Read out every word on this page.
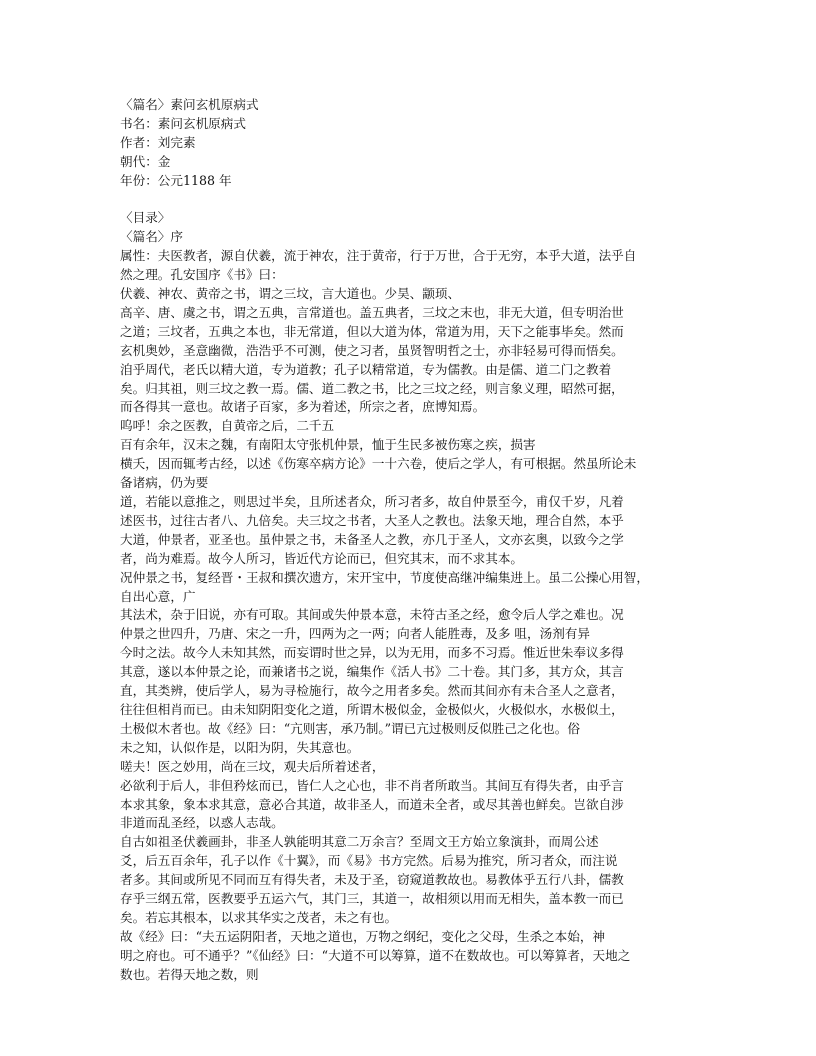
〈篇名〉素问玄机原病式
书名：素问玄机原病式
作者：刘完素
朝代：金
年份：公元1188 年
〈目录〉
〈篇名〉序
属性：夫医教者，源自伏羲，流于神农，注于黄帝，行于万世，合于无穷，本乎大道，法乎自
然之理。孔安国序《书》曰：
伏羲、神农、黄帝之书，谓之三坟，言大道也。少昊、颛顼、
高辛、唐、虞之书，谓之五典，言常道也。盖五典者，三坟之末也，非无大道，但专明治世
之道；三坟者，五典之本也，非无常道，但以大道为体，常道为用，天下之能事毕矣。然而
玄机奥妙，圣意幽微，浩浩乎不可测，使之习者，虽贤智明哲之士，亦非轻易可得而悟矣。
洎乎周代，老氏以精大道，专为道教；孔子以精常道，专为儒教。由是儒、道二门之教着
矣。归其祖，则三坟之教一焉。儒、道二教之书，比之三坟之经，则言象义理，昭然可据，
而各得其一意也。故诸子百家，多为着述，所宗之者，庶博知焉。
呜呼！余之医教，自黄帝之后，二千五
百有余年，汉末之魏，有南阳太守张机仲景，恤于生民多被伤寒之疾，损害
横夭，因而辄考古经，以述《伤寒卒病方论》一十六卷，使后之学人，有可根据。然虽所论未
备诸病，仍为要
道，若能以意推之，则思过半矣，且所述者众，所习者多，故自仲景至今，甫仅千岁，凡着
述医书，过往古者八、九倍矣。夫三坟之书者，大圣人之教也。法象天地，理合自然，本乎
大道，仲景者，亚圣也。虽仲景之书，未备圣人之教，亦几于圣人，文亦玄奥，以致今之学
者，尚为难焉。故今人所习，皆近代方论而已，但究其末，而不求其本。
况仲景之书，复经晋・王叔和撰次遗方，宋开宝中，节度使高继冲编集进上。虽二公操心用智，
自出心意，广
其法术，杂于旧说，亦有可取。其间或失仲景本意，未符古圣之经，愈令后人学之难也。况
仲景之世四升，乃唐、宋之一升，四两为之一两；向者人能胜毒，及多 咀，汤剂有异
今时之法。故今人未知其然，而妄谓时世之异，以为无用，而多不习焉。惟近世朱奉议多得
其意，遂以本仲景之论，而兼诸书之说，编集作《活人书》二十卷。其门多，其方众，其言
直，其类辨，使后学人，易为寻检施行，故今之用者多矣。然而其间亦有未合圣人之意者，
往往但相肖而已。由未知阴阳变化之道，所谓木极似金，金极似火，火极似水，水极似土，
土极似木者也。故《经》曰：“亢则害，承乃制。”谓已亢过极则反似胜己之化也。俗
未之知，认似作是，以阳为阴，失其意也。
嗟夫！医之妙用，尚在三坟，观夫后所着述者，
必欲利于后人，非但矜炫而已，皆仁人之心也，非不肖者所敢当。其间互有得失者，由乎言
本求其象，象本求其意，意必合其道，故非圣人，而道未全者，或尽其善也鲜矣。岂欲自涉
非道而乱圣经，以惑人志哉。
自古如祖圣伏羲画卦，非圣人孰能明其意二万余言？至周文王方始立象演卦，而周公述
爻，后五百余年，孔子以作《十翼》，而《易》书方完然。后易为推究，所习者众，而注说
者多。其间或所见不同而互有得失者，未及于圣，窃窥道教故也。易教体乎五行八卦，儒教
存乎三纲五常，医教要乎五运六气，其门三，其道一，故相须以用而无相失，盖本教一而已
矣。若忘其根本，以求其华实之茂者，未之有也。
故《经》曰：“夫五运阴阳者，天地之道也，万物之纲纪，变化之父母，生杀之本始，神
明之府也。可不通乎？”《仙经》曰：“大道不可以筹算，道不在数故也。可以筹算者，天地之
数也。若得天地之数，则
